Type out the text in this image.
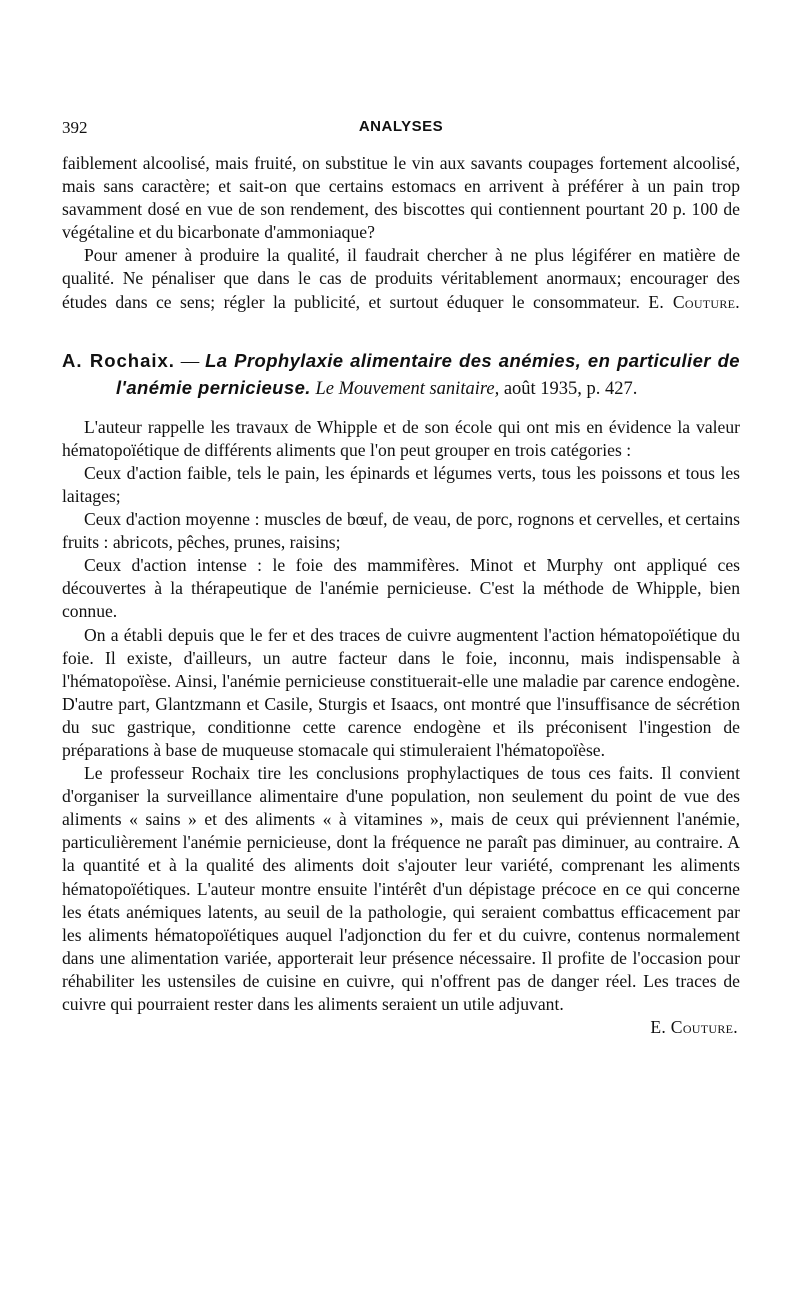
392	ANALYSES

faiblement alcoolisé, mais fruité, on substitue le vin aux savants coupages fortement alcoolisé, mais sans caractère; et sait-on que certains estomacs en arrivent à préférer à un pain trop savamment dosé en vue de son rendement, des biscottes qui contiennent pourtant 20 p. 100 de végétaline et du bicarbonate d'ammoniaque?

Pour amener à produire la qualité, il faudrait chercher à ne plus légiférer en matière de qualité. Ne pénaliser que dans le cas de produits véritablement anormaux; encourager des études dans ce sens; régler la publicité, et surtout éduquer le consommateur. E. Couture.

A. Rochaix. — La Prophylaxie alimentaire des anémies, en particulier de l'anémie pernicieuse. Le Mouvement sanitaire, août 1935, p. 427.

L'auteur rappelle les travaux de Whipple et de son école qui ont mis en évidence la valeur hématopoïétique de différents aliments que l'on peut grouper en trois catégories :

Ceux d'action faible, tels le pain, les épinards et légumes verts, tous les poissons et tous les laitages;

Ceux d'action moyenne : muscles de bœuf, de veau, de porc, rognons et cervelles, et certains fruits : abricots, pêches, prunes, raisins;

Ceux d'action intense : le foie des mammifères. Minot et Murphy ont appliqué ces découvertes à la thérapeutique de l'anémie pernicieuse. C'est la méthode de Whipple, bien connue.

On a établi depuis que le fer et des traces de cuivre augmentent l'action hématopoïétique du foie. Il existe, d'ailleurs, un autre facteur dans le foie, inconnu, mais indispensable à l'hématopoïèse. Ainsi, l'anémie pernicieuse constituerait-elle une maladie par carence endogène. D'autre part, Glantzmann et Casile, Sturgis et Isaacs, ont montré que l'insuffisance de sécrétion du suc gastrique, conditionne cette carence endogène et ils préconisent l'ingestion de préparations à base de muqueuse stomacale qui stimuleraient l'hématopoïèse.

Le professeur Rochaix tire les conclusions prophylactiques de tous ces faits. Il convient d'organiser la surveillance alimentaire d'une population, non seulement du point de vue des aliments « sains » et des aliments « à vitamines », mais de ceux qui préviennent l'anémie, particulièrement l'anémie pernicieuse, dont la fréquence ne paraît pas diminuer, au contraire. A la quantité et à la qualité des aliments doit s'ajouter leur variété, comprenant les aliments hématopoïétiques. L'auteur montre ensuite l'intérêt d'un dépistage précoce en ce qui concerne les états anémiques latents, au seuil de la pathologie, qui seraient combattus efficacement par les aliments hématopoïétiques auquel l'adjonction du fer et du cuivre, contenus normalement dans une alimentation variée, apporterait leur présence nécessaire. Il profite de l'occasion pour réhabiliter les ustensiles de cuisine en cuivre, qui n'offrent pas de danger réel. Les traces de cuivre qui pourraient rester dans les aliments seraient un utile adjuvant.

E. Couture.
